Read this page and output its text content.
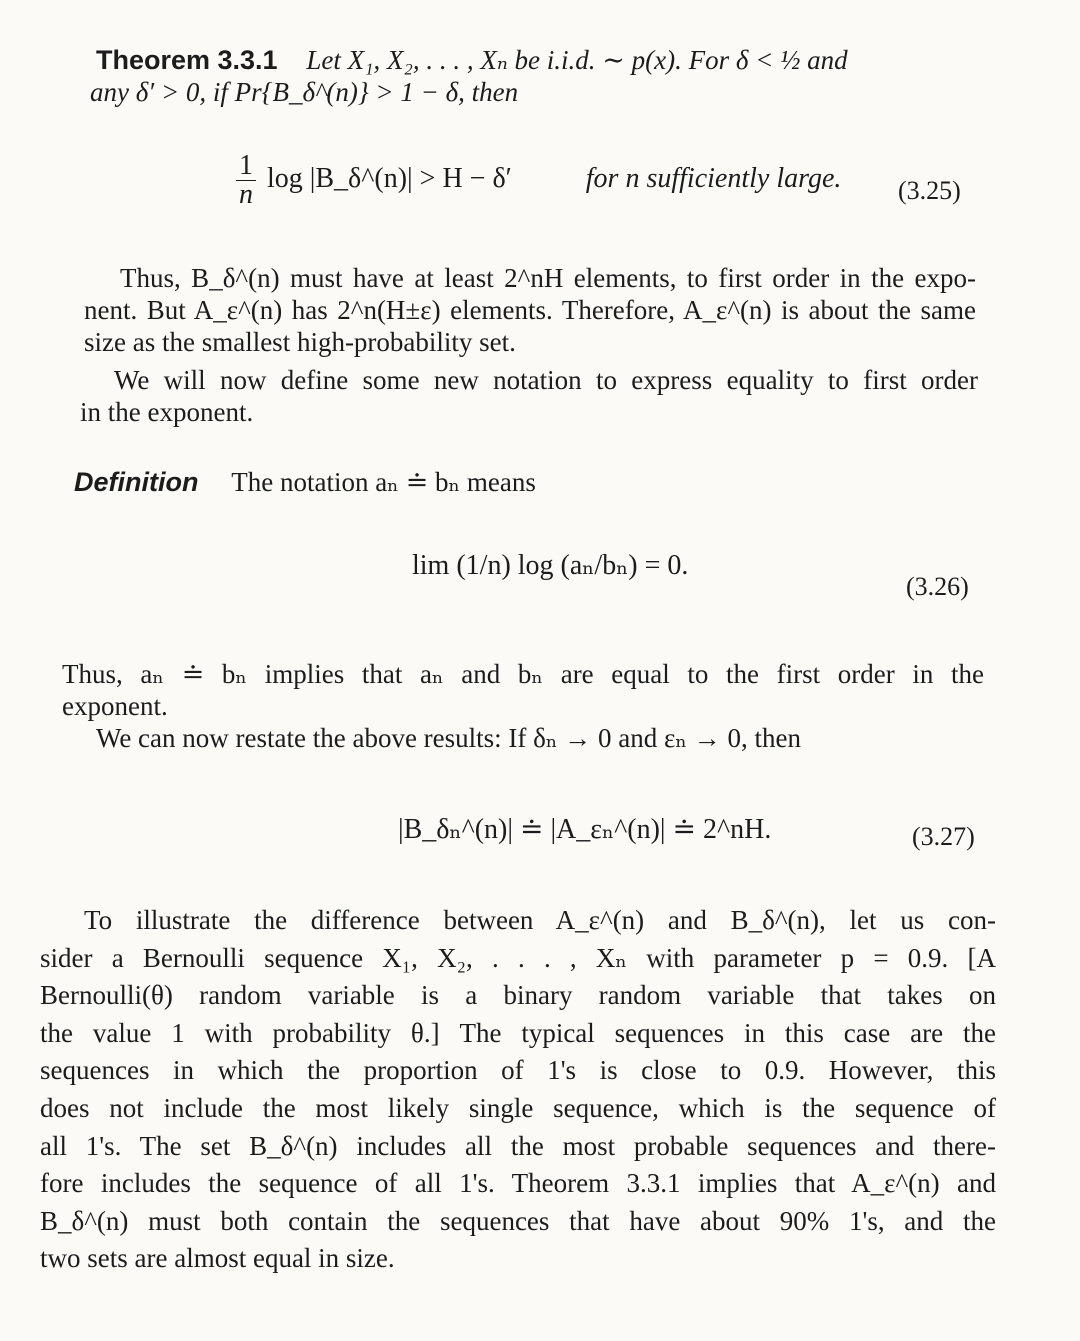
Theorem 3.3.1 Let X₁, X₂, . . . , Xₙ be i.i.d. ∼ p(x). For δ < ½ and
any δ′ > 0, if Pr{B_δ^(n)} > 1 − δ, then
$\frac{1}{n}$ log |B_δ^(n)| > H − δ′	for n sufficiently large. (3.25)
Thus, B_δ^(n) must have at least 2^nH elements, to first order in the expo-
nent. But A_ε^(n) has 2^n(H±ε) elements. Therefore, A_ε^(n) is about the same
size as the smallest high-probability set.
We will now define some new notation to express equality to first order
in the exponent.
Definition The notation aₙ ≐ bₙ means
lim (1/n) log (aₙ/bₙ) = 0.
(3.26)
Thus, aₙ ≐ bₙ implies that aₙ and bₙ are equal to the first order in the
exponent.
We can now restate the above results: If δₙ → 0 and εₙ → 0, then
|B_δₙ^(n)| ≐ |A_εₙ^(n)| ≐ 2^nH.	(3.27)
To illustrate the difference between A_ε^(n) and B_δ^(n), let us con-
sider a Bernoulli sequence X₁, X₂, . . . , Xₙ with parameter p = 0.9. [A
Bernoulli(θ) random variable is a binary random variable that takes on
the value 1 with probability θ.] The typical sequences in this case are the
sequences in which the proportion of 1's is close to 0.9. However, this
does not include the most likely single sequence, which is the sequence of
all 1's. The set B_δ^(n) includes all the most probable sequences and there-
fore includes the sequence of all 1's. Theorem 3.3.1 implies that A_ε^(n) and
B_δ^(n) must both contain the sequences that have about 90% 1's, and the
two sets are almost equal in size.
